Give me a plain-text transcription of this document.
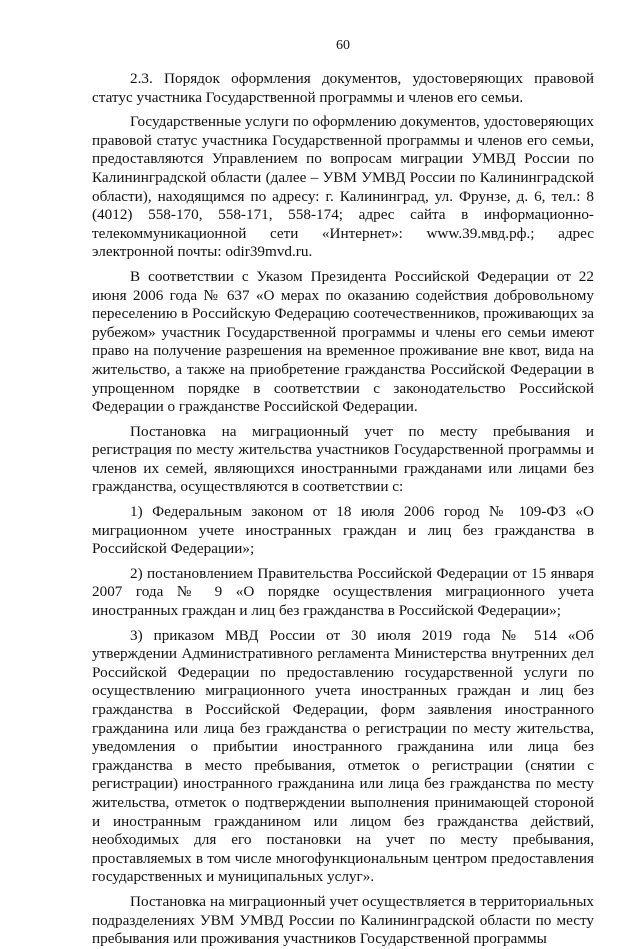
60

2.3. Порядок оформления документов, удостоверяющих правовой статус участника Государственной программы и членов его семьи.

Государственные услуги по оформлению документов, удостоверяющих правовой статус участника Государственной программы и членов его семьи, предоставляются Управлением по вопросам миграции УМВД России по Калининградской области (далее – УВМ УМВД России по Калининградской области), находящимся по адресу: г. Калининград, ул. Фрунзе, д. 6, тел.: 8 (4012) 558-170, 558-171, 558-174; адрес сайта в информационно-телекоммуникационной сети «Интернет»: www.39.мвд.рф.; адрес электронной почты: odir39mvd.ru.

В соответствии с Указом Президента Российской Федерации от 22 июня 2006 года № 637 «О мерах по оказанию содействия добровольному переселению в Российскую Федерацию соотечественников, проживающих за рубежом» участник Государственной программы и члены его семьи имеют право на получение разрешения на временное проживание вне квот, вида на жительство, а также на приобретение гражданства Российской Федерации в упрощенном порядке в соответствии с законодательство Российской Федерации о гражданстве Российской Федерации.

Постановка на миграционный учет по месту пребывания и регистрация по месту жительства участников Государственной программы и членов их семей, являющихся иностранными гражданами или лицами без гражданства, осуществляются в соответствии с:

1) Федеральным законом от 18 июля 2006 город № 109-ФЗ «О миграционном учете иностранных граждан и лиц без гражданства в Российской Федерации»;

2) постановлением Правительства Российской Федерации от 15 января 2007 года № 9 «О порядке осуществления миграционного учета иностранных граждан и лиц без гражданства в Российской Федерации»;

3) приказом МВД России от 30 июля 2019 года № 514 «Об утверждении Административного регламента Министерства внутренних дел Российской Федерации по предоставлению государственной услуги по осуществлению миграционного учета иностранных граждан и лиц без гражданства в Российской Федерации, форм заявления иностранного гражданина или лица без гражданства о регистрации по месту жительства, уведомления о прибытии иностранного гражданина или лица без гражданства в место пребывания, отметок о регистрации (снятии с регистрации) иностранного гражданина или лица без гражданства по месту жительства, отметок о подтверждении выполнения принимающей стороной и иностранным гражданином или лицом без гражданства действий, необходимых для его постановки на учет по месту пребывания, проставляемых в том числе многофункциональным центром предоставления государственных и муниципальных услуг».

Постановка на миграционный учет осуществляется в территориальных подразделениях УВМ УМВД России по Калининградской области по месту пребывания или проживания участников Государственной программы
